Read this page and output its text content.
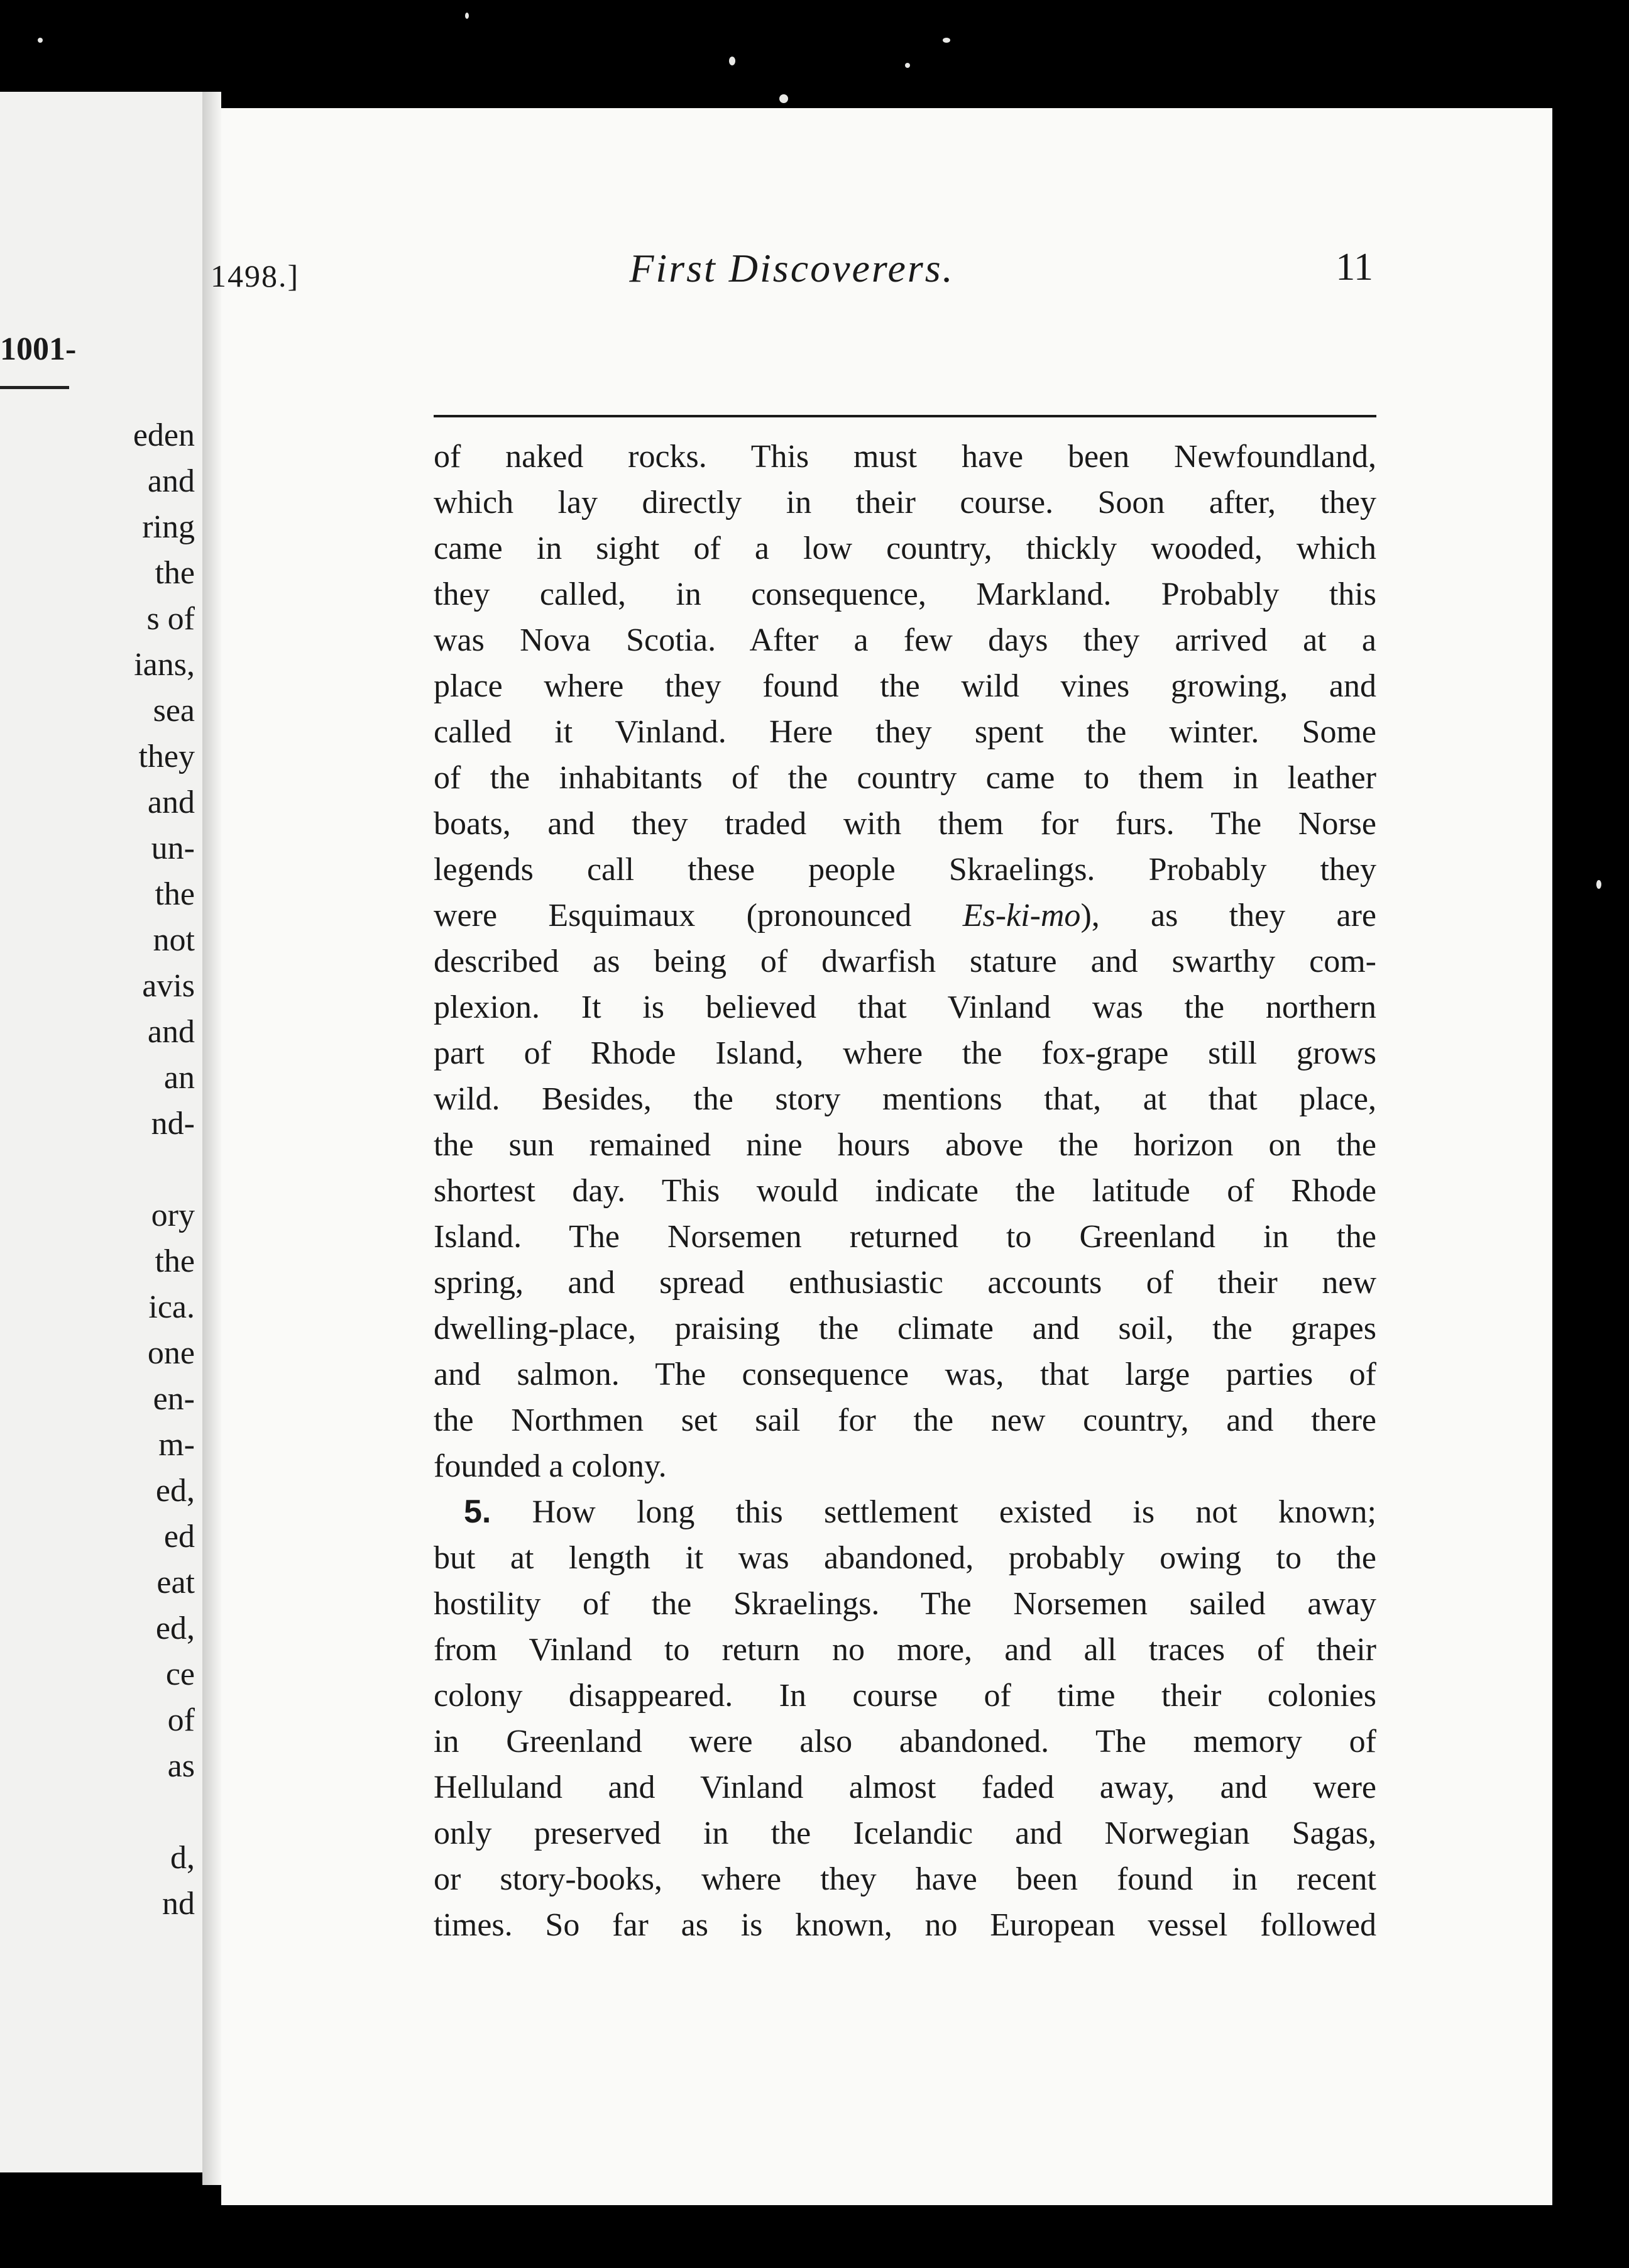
1001-
eden
and
ring
the
s of
ians,
sea
they
and
un-
the
not
avis
and
an
nd-
ory
the
ica.
one
en-
m-
ed,
ed
eat
ed,
ce
of
as
d,
nd
1498.]	First Discoverers.	11
of naked rocks. This must have been Newfoundland,
which lay directly in their course. Soon after, they
came in sight of a low country, thickly wooded, which
they called, in consequence, Markland. Probably this
was Nova Scotia. After a few days they arrived at a
place where they found the wild vines growing, and
called it Vinland. Here they spent the winter. Some
of the inhabitants of the country came to them in leather
boats, and they traded with them for furs. The Norse
legends call these people Skraelings. Probably they
were Esquimaux (pronounced Es-ki-mo), as they are
described as being of dwarfish stature and swarthy com-
plexion. It is believed that Vinland was the northern
part of Rhode Island, where the fox-grape still grows
wild. Besides, the story mentions that, at that place,
the sun remained nine hours above the horizon on the
shortest day. This would indicate the latitude of Rhode
Island. The Norsemen returned to Greenland in the
spring, and spread enthusiastic accounts of their new
dwelling-place, praising the climate and soil, the grapes
and salmon. The consequence was, that large parties of
the Northmen set sail for the new country, and there
founded a colony.
5. How long this settlement existed is not known;
but at length it was abandoned, probably owing to the
hostility of the Skraelings. The Norsemen sailed away
from Vinland to return no more, and all traces of their
colony disappeared. In course of time their colonies
in Greenland were also abandoned. The memory of
Helluland and Vinland almost faded away, and were
only preserved in the Icelandic and Norwegian Sagas,
or story-books, where they have been found in recent
times. So far as is known, no European vessel followed
